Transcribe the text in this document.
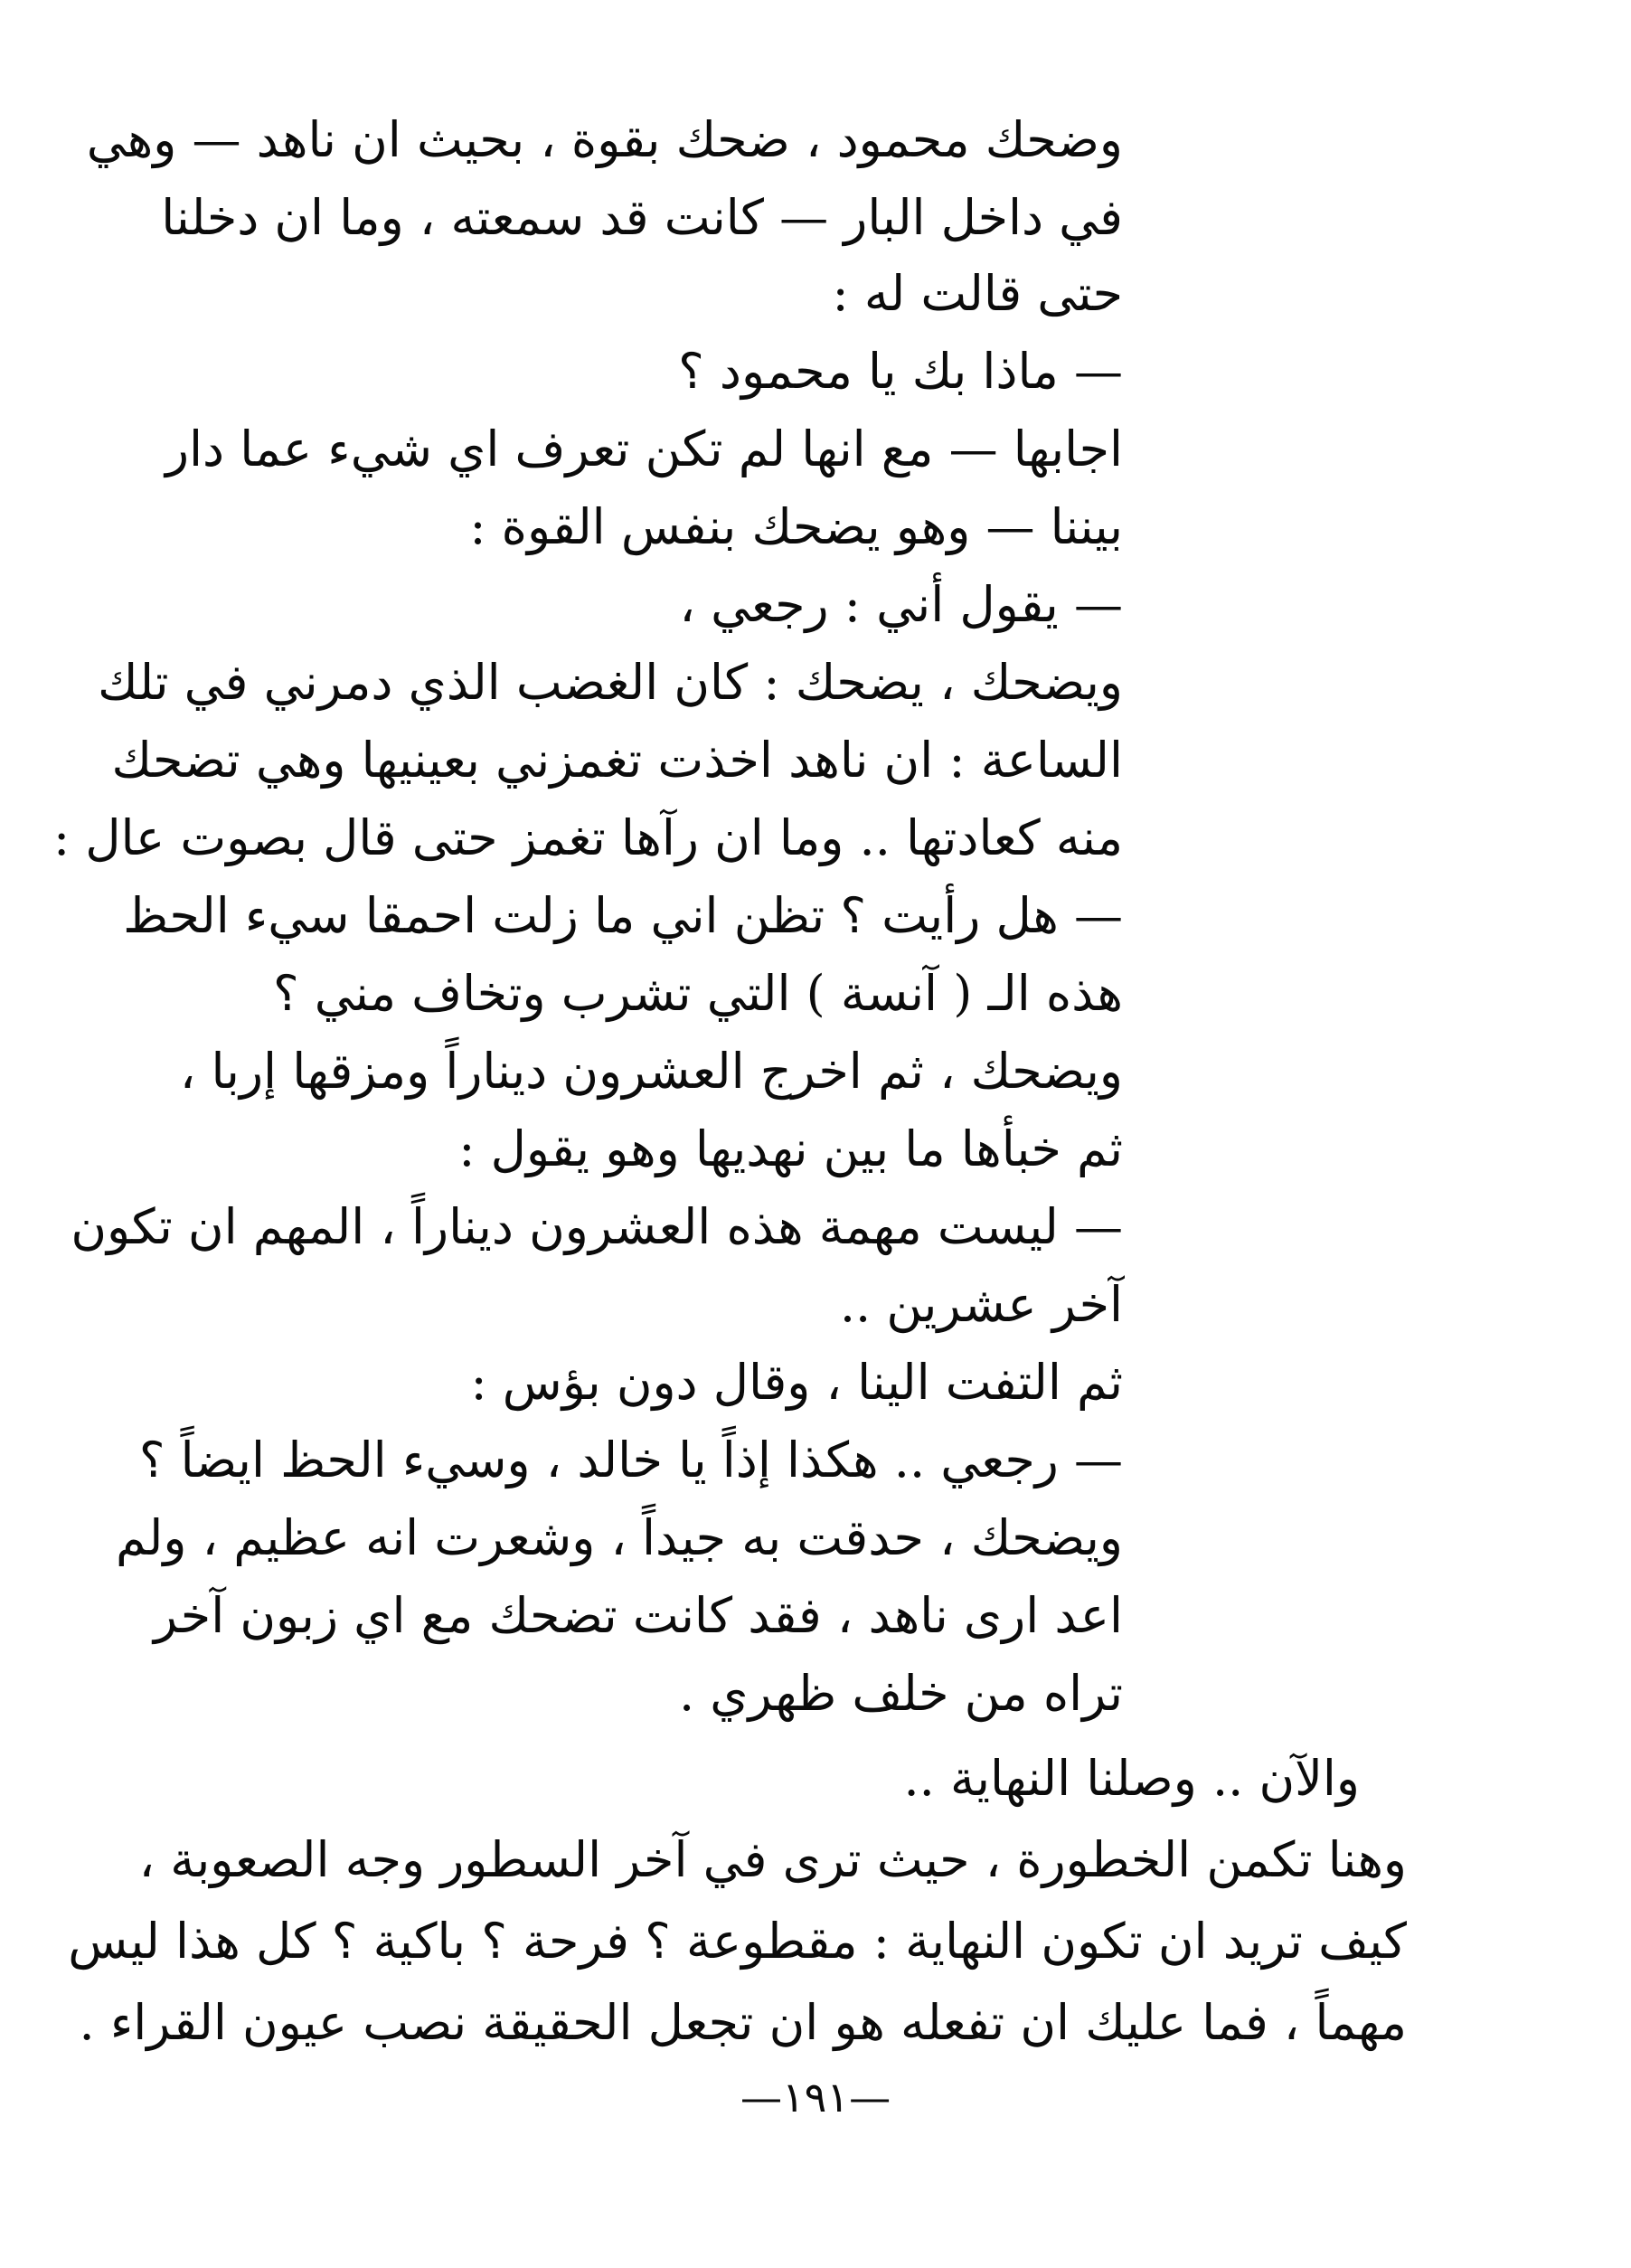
وضحك محمود ، ضحك بقوة ، بحيث ان ناهد — وهي
في داخل البار — كانت قد سمعته ، وما ان دخلنا
حتى قالت له :
— ماذا بك يا محمود ؟
اجابها — مع انها لم تكن تعرف اي شيء عما دار
بيننا — وهو يضحك بنفس القوة :
— يقول أني : رجعي ،
ويضحك ، يضحك : كان الغضب الذي دمرني في تلك
الساعة : ان ناهد اخذت تغمزني بعينيها وهي تضحك
منه كعادتها .. وما ان رآها تغمز حتى قال بصوت عال :
— هل رأيت ؟ تظن اني ما زلت احمقا سيء الحظ
هذه الـ ( آنسة ) التي تشرب وتخاف مني ؟
ويضحك ، ثم اخرج العشرون ديناراً ومزقها إربا ،
ثم خبأها ما بين نهديها وهو يقول :
— ليست مهمة هذه العشرون ديناراً ، المهم ان تكون
آخر عشرين ..
ثم التفت الينا ، وقال دون بؤس :
— رجعي .. هكذا إذاً يا خالد ، وسيء الحظ ايضاً ؟
ويضحك ، حدقت به جيداً ، وشعرت انه عظيم ، ولم
اعد ارى ناهد ، فقد كانت تضحك مع اي زبون آخر
تراه من خلف ظهري .
والآن .. وصلنا النهاية ..
وهنا تكمن الخطورة ، حيث ترى في آخر السطور وجه الصعوبة ،
كيف تريد ان تكون النهاية : مقطوعة ؟ فرحة ؟ باكية ؟ كل هذا ليس
مهماً ، فما عليك ان تفعله هو ان تجعل الحقيقة نصب عيون القراء .
—١٩١—
